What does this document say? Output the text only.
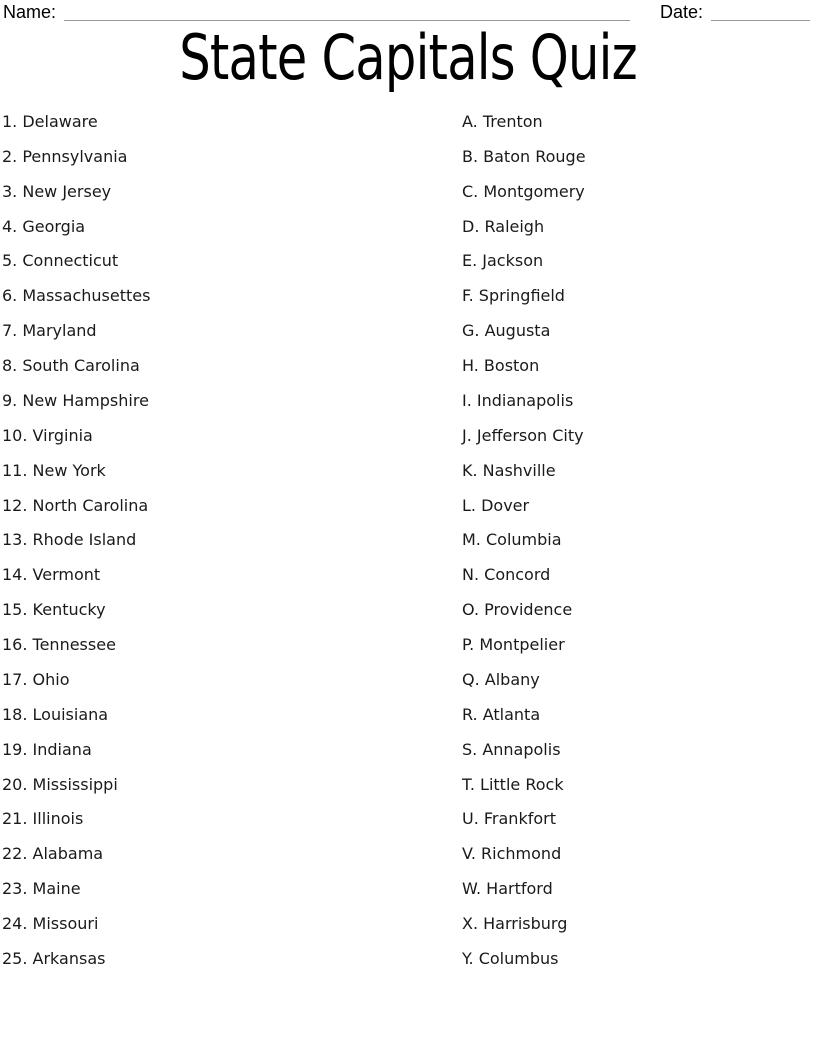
Name:	Date:
State Capitals Quiz
1. Delaware
2. Pennsylvania
3. New Jersey
4. Georgia
5. Connecticut
6. Massachusettes
7. Maryland
8. South Carolina
9. New Hampshire
10. Virginia
11. New York
12. North Carolina
13. Rhode Island
14. Vermont
15. Kentucky
16. Tennessee
17. Ohio
18. Louisiana
19. Indiana
20. Mississippi
21. Illinois
22. Alabama
23. Maine
24. Missouri
25. Arkansas
A. Trenton
B. Baton Rouge
C. Montgomery
D. Raleigh
E. Jackson
F. Springfield
G. Augusta
H. Boston
I. Indianapolis
J. Jefferson City
K. Nashville
L. Dover
M. Columbia
N. Concord
O. Providence
P. Montpelier
Q. Albany
R. Atlanta
S. Annapolis
T. Little Rock
U. Frankfort
V. Richmond
W. Hartford
X. Harrisburg
Y. Columbus
